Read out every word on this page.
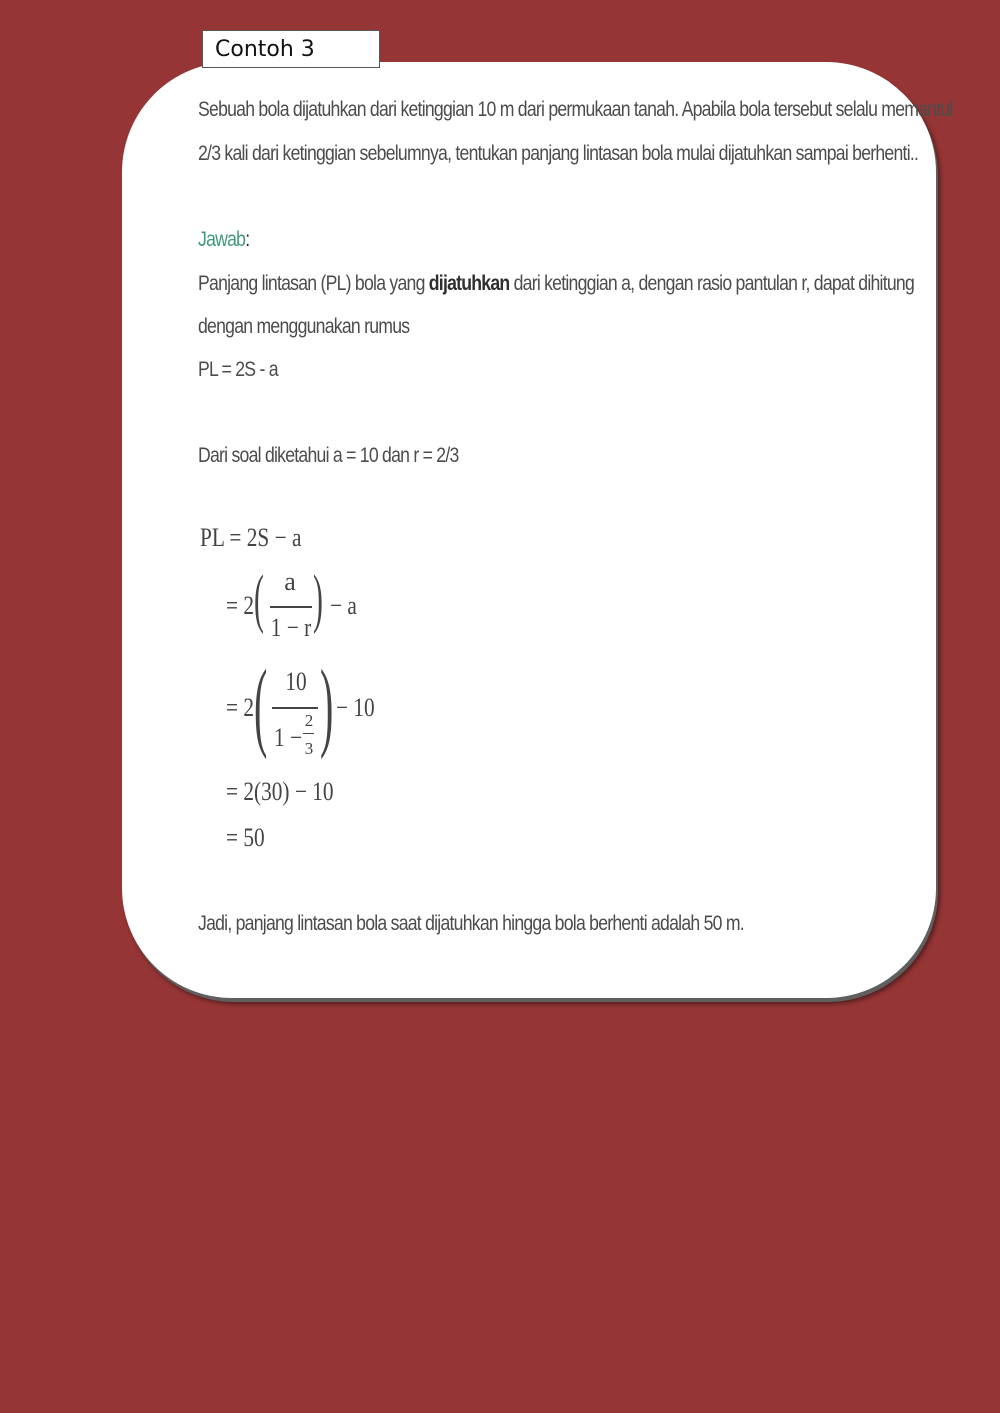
Contoh 3
Sebuah bola dijatuhkan dari ketinggian 10 m dari permukaan tanah. Apabila bola tersebut selalu memantul
2/3 kali dari ketinggian sebelumnya, tentukan panjang lintasan bola mulai dijatuhkan sampai berhenti..
Jawab:
Panjang lintasan (PL) bola yang dijatuhkan dari ketinggian a, dengan rasio pantulan r, dapat dihitung
dengan menggunakan rumus
PL = 2S - a
Dari soal diketahui a = 10 dan r = 2/3
Jadi, panjang lintasan bola saat dijatuhkan hingga bola berhenti adalah 50 m.
PL = 2S − a
= 2 ( a
1 − r ) − a
= 2 ( 10
1 −
2
3 ) − 10
= 2(30) − 10
= 50
